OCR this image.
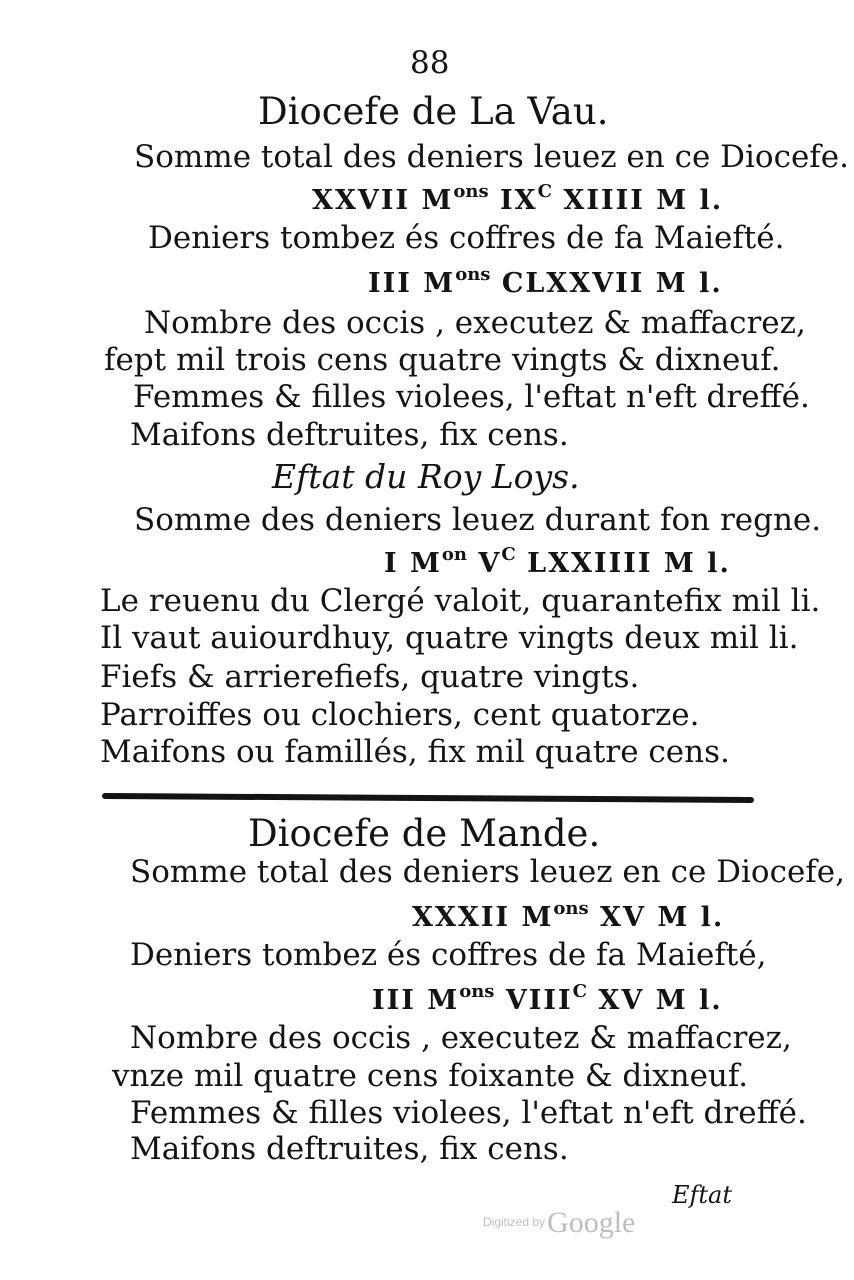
88
Diocefe de La Vau.
Somme total des deniers leuez en ce Diocefe.
XXVII $M^{ons}$ $IX^C$ XIIII M l.
Deniers tombez és coffres de fa Maiefté.
III $M^{ons}$ CLXXVII M l.
Nombre des occis , executez & maffacrez,
fept mil trois cens quatre vingts & dixneuf.
Femmes & filles violees, l'eftat n'eft dreffé.
Maifons deftruites, fix cens.
Eftat du Roy Loys.
Somme des deniers leuez durant fon regne.
I $M^{on}$ $V^C$ LXXIIII M l.
Le reuenu du Clergé valoit, quarantefix mil li.
Il vaut auiourdhuy, quatre vingts deux mil li.
Fiefs & arrierefiefs, quatre vingts.
Parroiffes ou clochiers, cent quatorze.
Maifons ou famillés, fix mil quatre cens.
Diocefe de Mande.
Somme total des deniers leuez en ce Diocefe,
XXXII $M^{ons}$ XV M l.
Deniers tombez és coffres de fa Maiefté,
III $M^{ons}$ $VIII^C$ XV M l.
Nombre des occis , executez & maffacrez,
vnze mil quatre cens foixante & dixneuf.
Femmes & filles violees, l'eftat n'eft dreffé.
Maifons deftruites, fix cens.
Eftat
Digitized byGoogle
